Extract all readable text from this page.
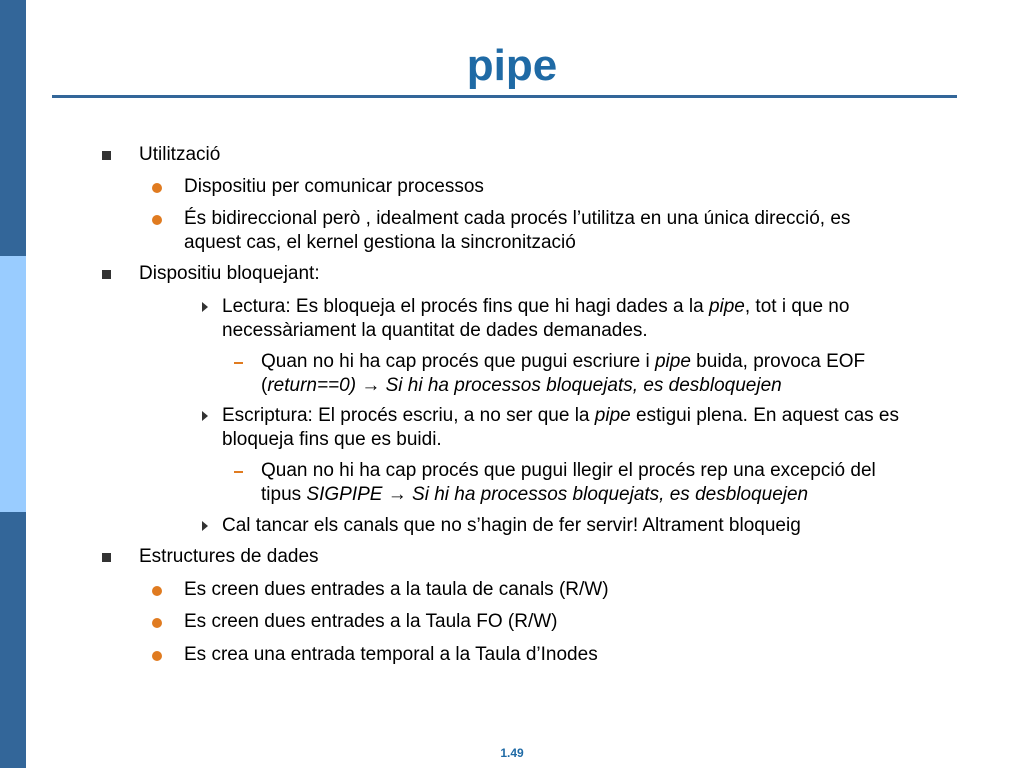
pipe
Utilització
Dispositiu per comunicar processos
És bidireccional però , idealment cada procés l’utilitza en una única direcció, es
aquest cas, el kernel gestiona la sincronització
Dispositiu bloquejant:
Lectura: Es bloqueja el procés fins que hi hagi dades a la pipe, tot i que no
necessàriament la quantitat de dades demanades.
Quan no hi ha cap procés que pugui escriure i pipe buida, provoca EOF
(return==0) → Si hi ha processos bloquejats, es desbloquejen
Escriptura: El procés escriu, a no ser que la pipe estigui plena. En aquest cas es
bloqueja fins que es buidi.
Quan no hi ha cap procés que pugui llegir el procés rep una excepció del
tipus SIGPIPE → Si hi ha processos bloquejats, es desbloquejen
Cal tancar els canals que no s’hagin de fer servir! Altrament bloqueig
Estructures de dades
Es creen dues entrades a la taula de canals (R/W)
Es creen dues entrades a la Taula FO (R/W)
Es crea una entrada temporal a la Taula d’Inodes
1.49
